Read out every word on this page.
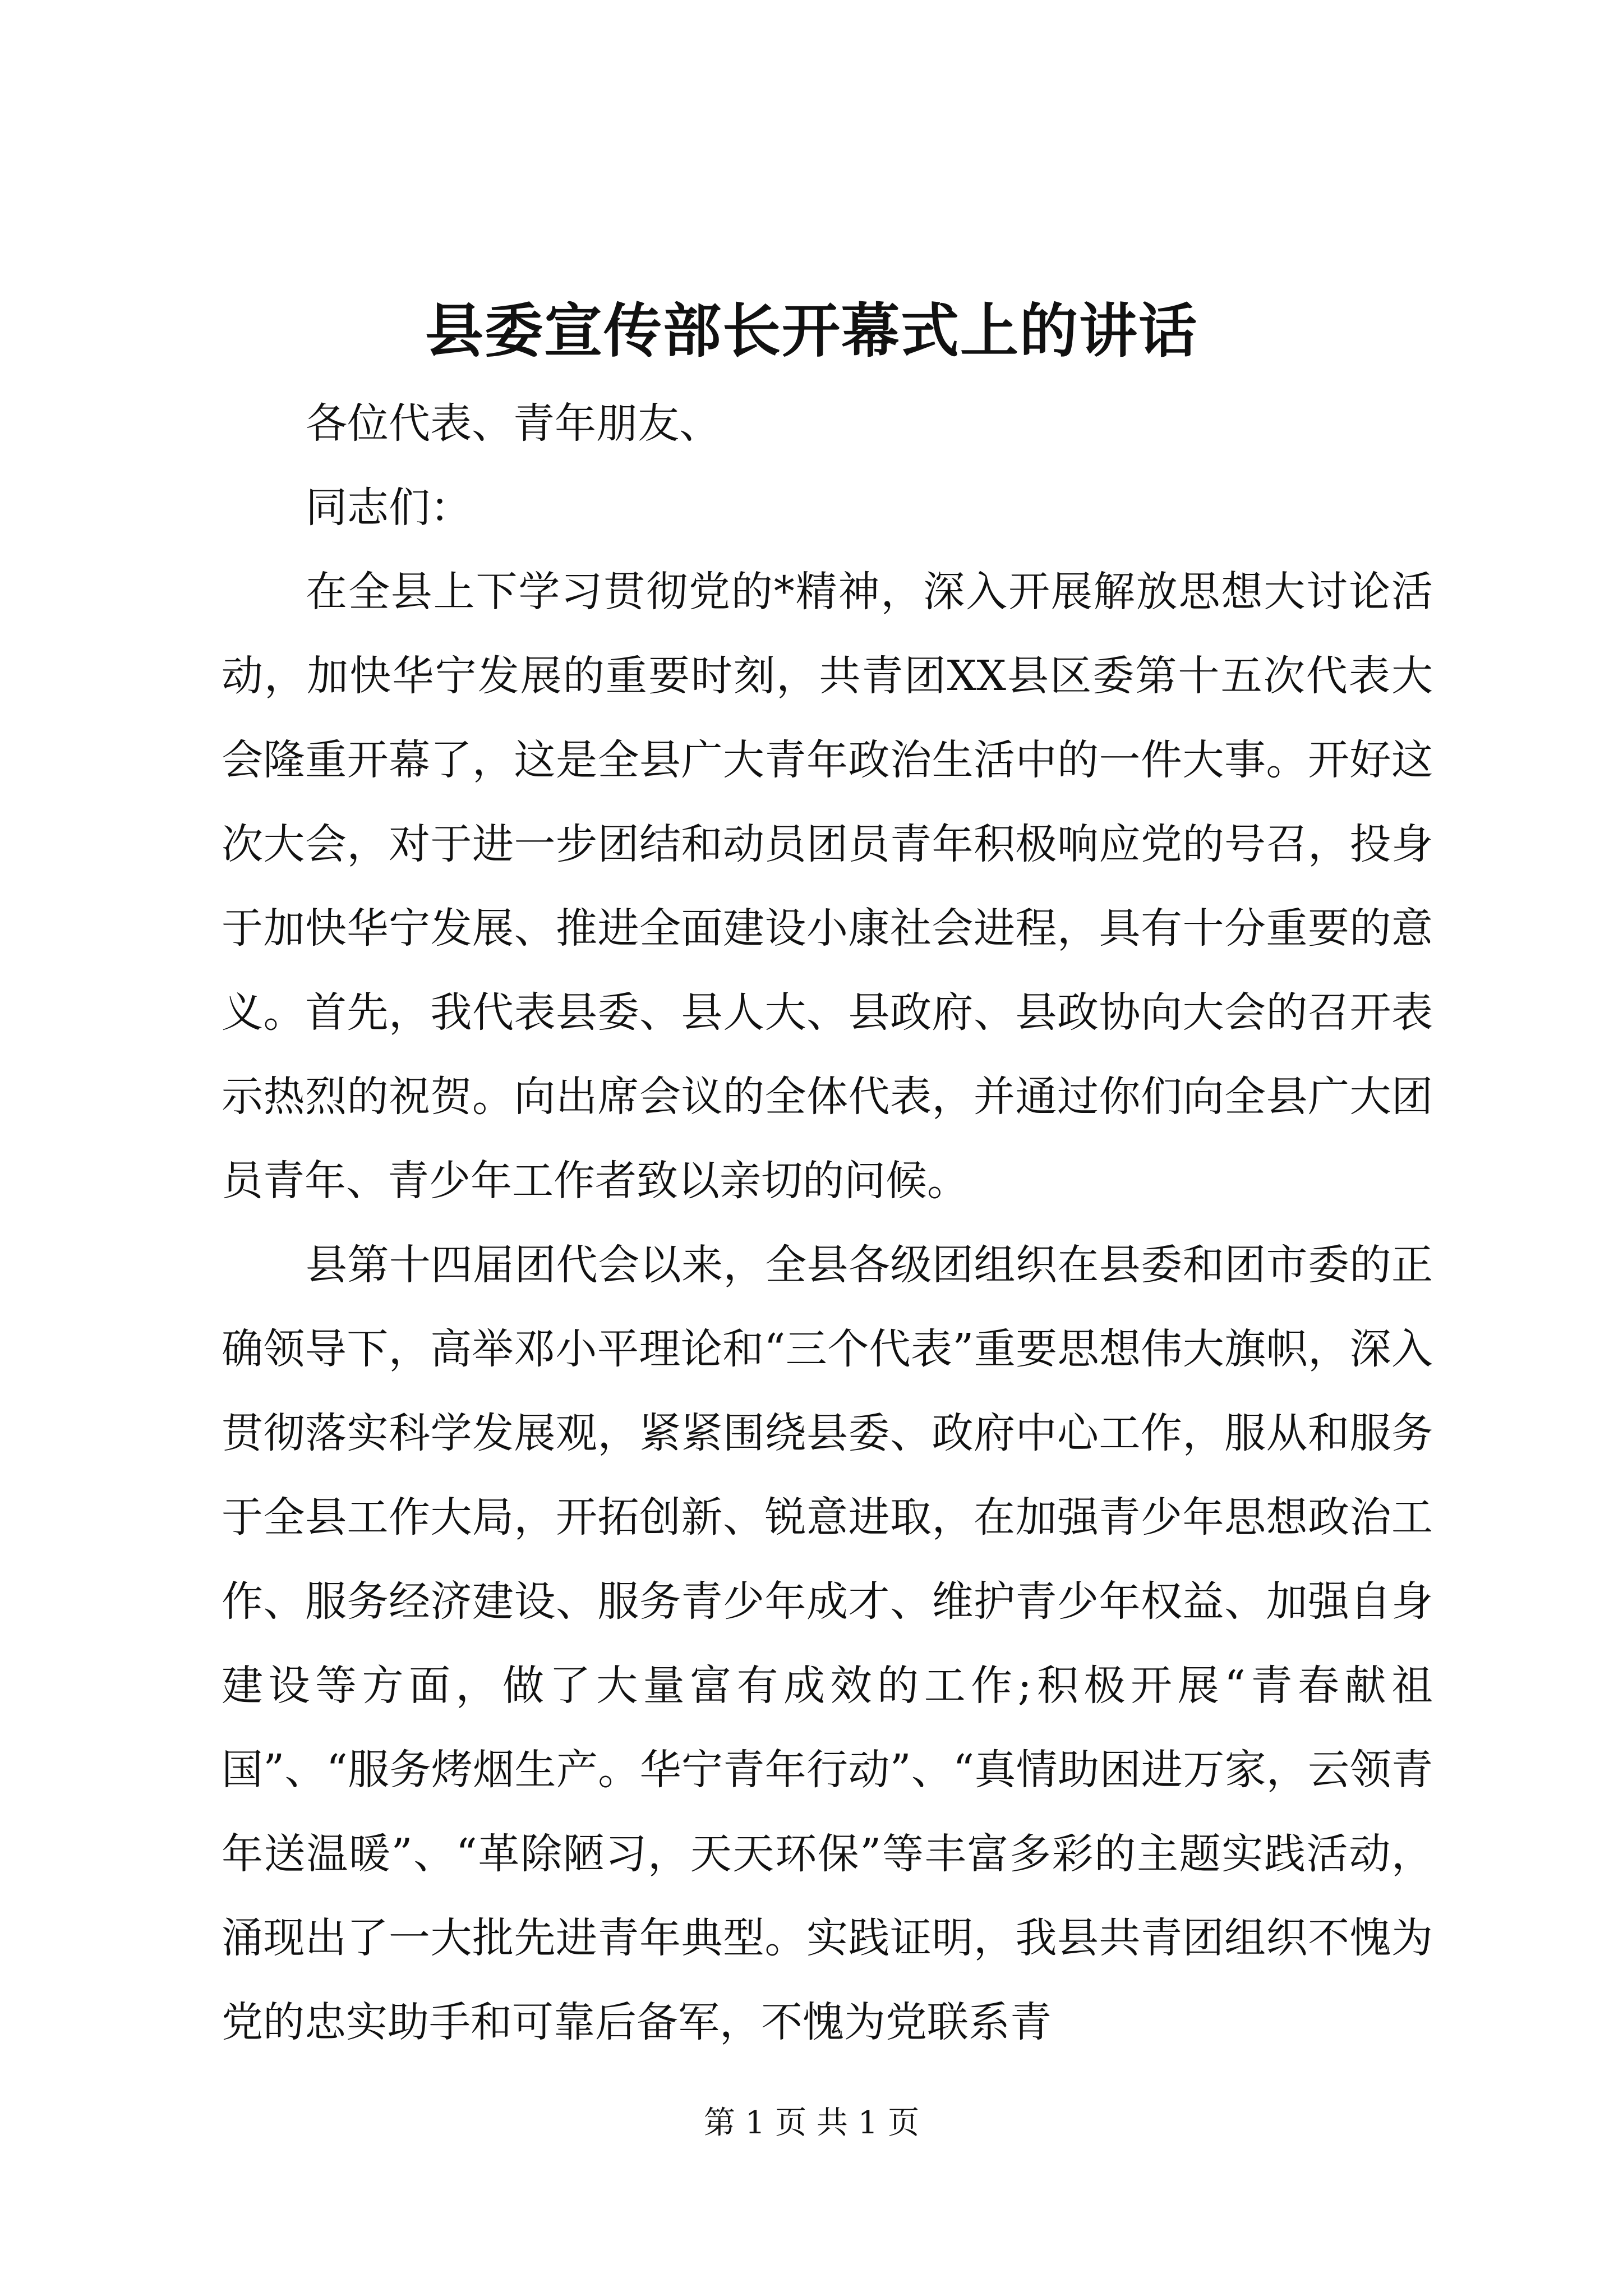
县委宣传部长开幕式上的讲话

各位代表、青年朋友、

同志们：

在全县上下学习贯彻党的*精神，深入开展解放思想大讨论活动，加快华宁发展的重要时刻，共青团XX县区委第十五次代表大会隆重开幕了，这是全县广大青年政治生活中的一件大事。开好这次大会，对于进一步团结和动员团员青年积极响应党的号召，投身于加快华宁发展、推进全面建设小康社会进程，具有十分重要的意义。首先，我代表县委、县人大、县政府、县政协向大会的召开表示热烈的祝贺。向出席会议的全体代表，并通过你们向全县广大团员青年、青少年工作者致以亲切的问候。

县第十四届团代会以来，全县各级团组织在县委和团市委的正确领导下，高举邓小平理论和“三个代表”重要思想伟大旗帜，深入贯彻落实科学发展观，紧紧围绕县委、政府中心工作，服从和服务于全县工作大局，开拓创新、锐意进取，在加强青少年思想政治工作、服务经济建设、服务青少年成才、维护青少年权益、加强自身建设等方面，做了大量富有成效的工作;积极开展“青春献祖国”、“服务烤烟生产。华宁青年行动”、“真情助困进万家，云领青年送温暖”、“革除陋习，天天环保”等丰富多彩的主题实践活动，涌现出了一大批先进青年典型。实践证明，我县共青团组织不愧为党的忠实助手和可靠后备军，不愧为党联系青

第 1 页 共 1 页
